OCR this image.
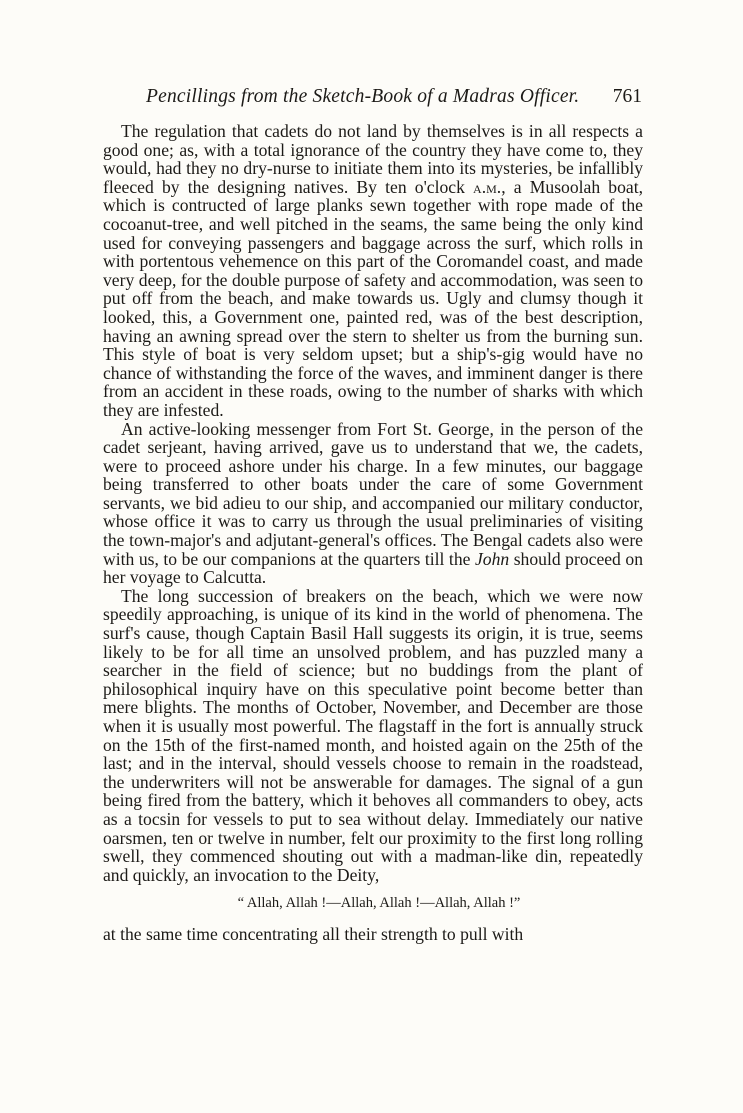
Pencillings from the Sketch-Book of a Madras Officer. 761

The regulation that cadets do not land by themselves is in all respects a good one; as, with a total ignorance of the country they have come to, they would, had they no dry-nurse to initiate them into its mysteries, be infallibly fleeced by the designing natives. By ten o'clock a.m., a Musoolah boat, which is contructed of large planks sewn together with rope made of the cocoanut-tree, and well pitched in the seams, the same being the only kind used for conveying passengers and baggage across the surf, which rolls in with portentous vehemence on this part of the Coromandel coast, and made very deep, for the double purpose of safety and accommodation, was seen to put off from the beach, and make towards us. Ugly and clumsy though it looked, this, a Government one, painted red, was of the best description, having an awning spread over the stern to shelter us from the burning sun. This style of boat is very seldom upset; but a ship's-gig would have no chance of withstanding the force of the waves, and imminent danger is there from an accident in these roads, owing to the number of sharks with which they are infested.

An active-looking messenger from Fort St. George, in the person of the cadet serjeant, having arrived, gave us to understand that we, the cadets, were to proceed ashore under his charge. In a few minutes, our baggage being transferred to other boats under the care of some Government servants, we bid adieu to our ship, and accompanied our military conductor, whose office it was to carry us through the usual preliminaries of visiting the town-major's and adjutant-general's offices. The Bengal cadets also were with us, to be our companions at the quarters till the John should proceed on her voyage to Calcutta.

The long succession of breakers on the beach, which we were now speedily approaching, is unique of its kind in the world of phenomena. The surf's cause, though Captain Basil Hall suggests its origin, it is true, seems likely to be for all time an unsolved problem, and has puzzled many a searcher in the field of science; but no buddings from the plant of philosophical inquiry have on this speculative point become better than mere blights. The months of October, November, and December are those when it is usually most powerful. The flagstaff in the fort is annually struck on the 15th of the first-named month, and hoisted again on the 25th of the last; and in the interval, should vessels choose to remain in the roadstead, the underwriters will not be answerable for damages. The signal of a gun being fired from the battery, which it behoves all commanders to obey, acts as a tocsin for vessels to put to sea without delay. Immediately our native oarsmen, ten or twelve in number, felt our proximity to the first long rolling swell, they commenced shouting out with a madman-like din, repeatedly and quickly, an invocation to the Deity,

“ Allah, Allah !—Allah, Allah !—Allah, Allah !”

at the same time concentrating all their strength to pull with
